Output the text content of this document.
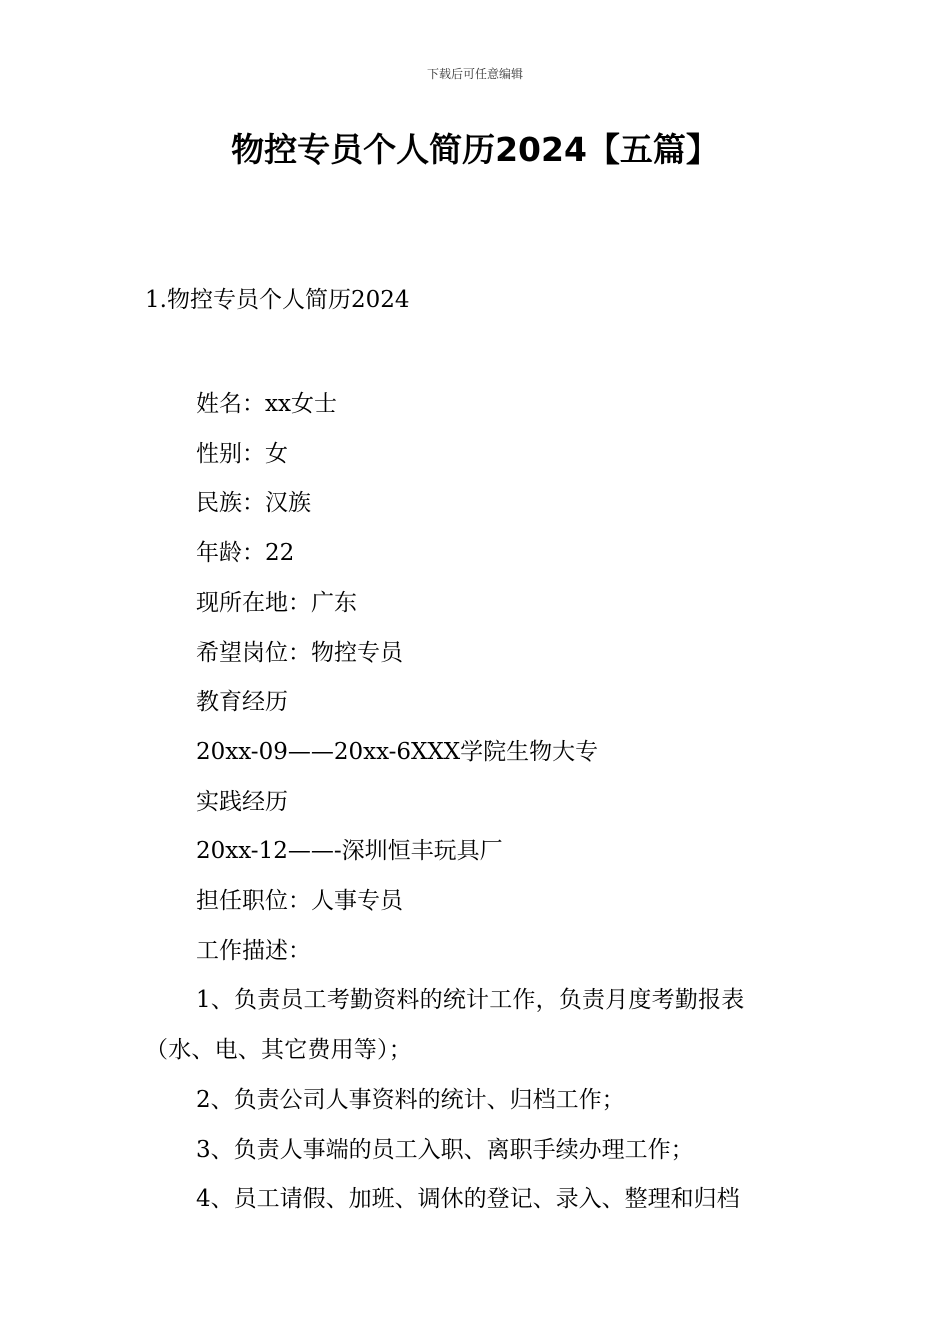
下载后可任意编辑
物控专员个人简历2024【五篇】
1.物控专员个人简历2024

姓名：xx女士

性别：女

民族：汉族

年龄：22

现所在地：广东

希望岗位：物控专员

教育经历

20xx-09——20xx-6XXX学院生物大专

实践经历

20xx-12——-深圳恒丰玩具厂

担任职位：人事专员

工作描述：

1、负责员工考勤资料的统计工作，负责月度考勤报表（水、电、其它费用等）；

2、负责公司人事资料的统计、归档工作；

3、负责人事端的员工入职、离职手续办理工作；

4、员工请假、加班、调休的登记、录入、整理和归档
